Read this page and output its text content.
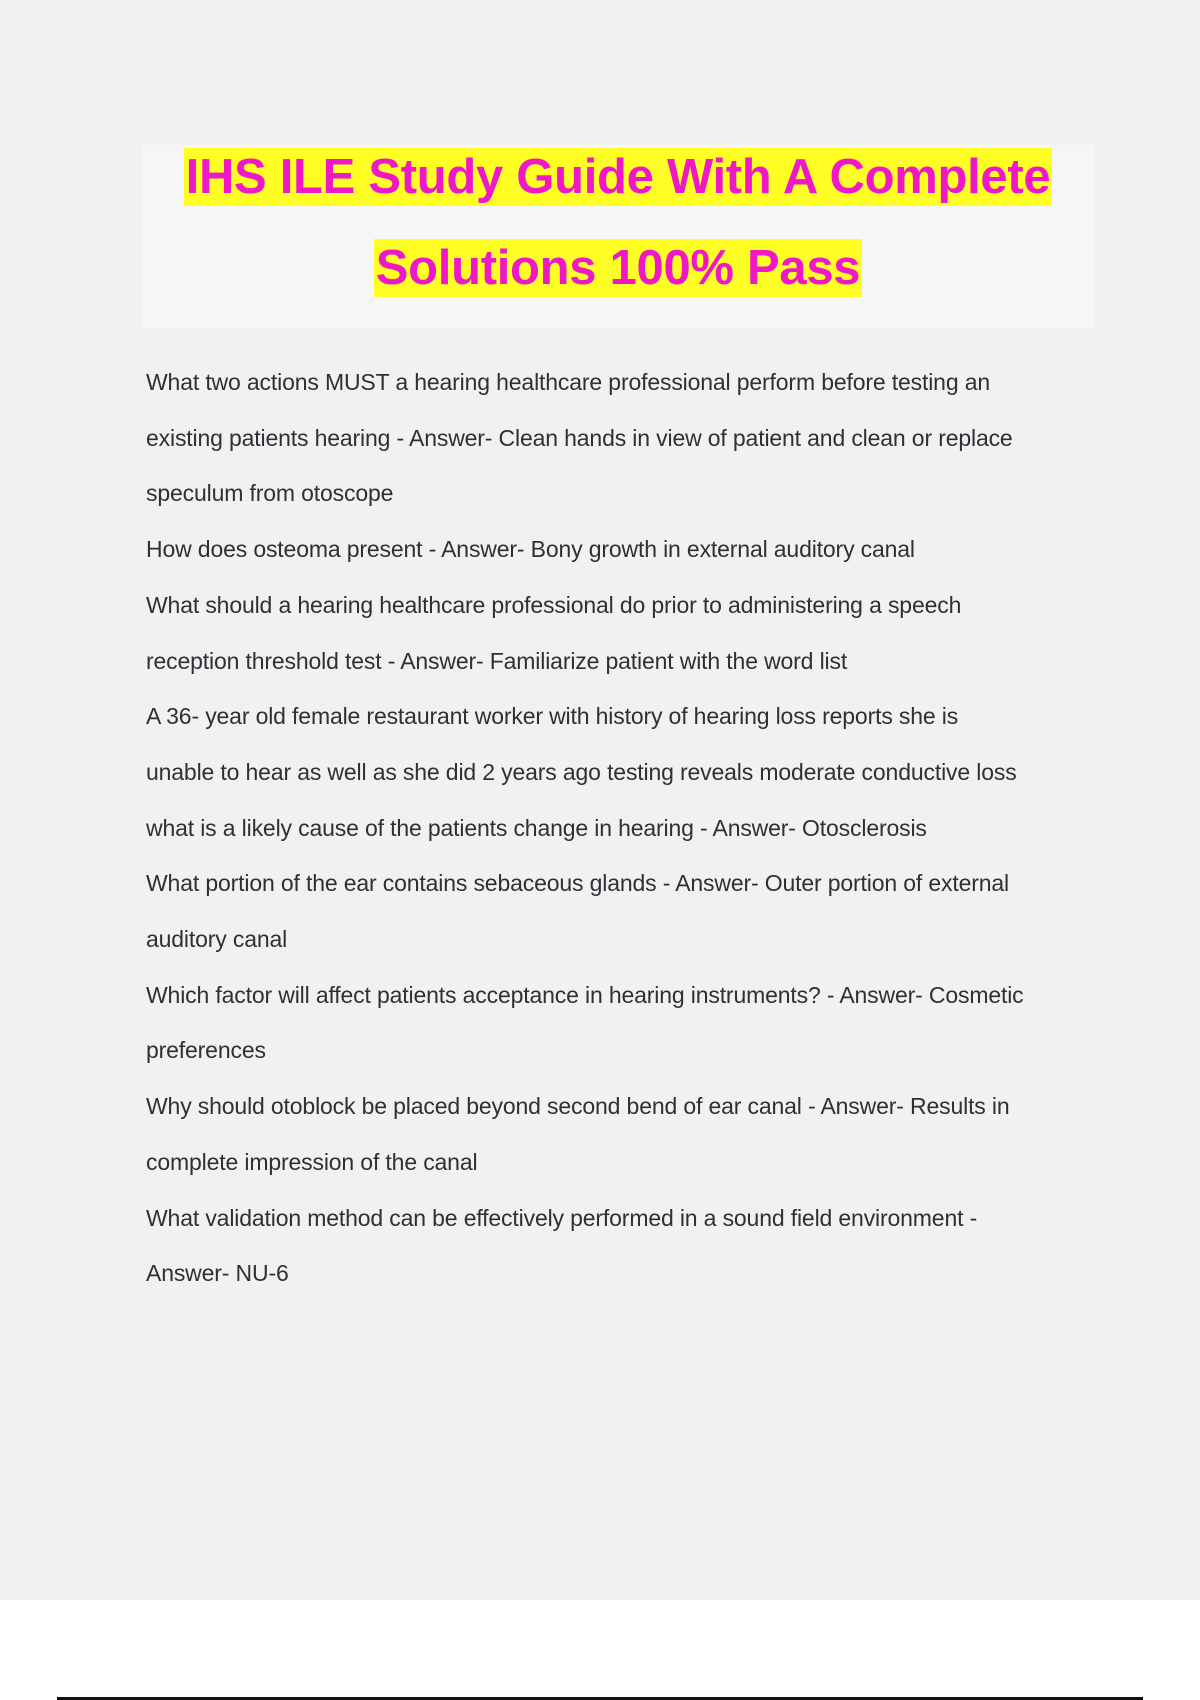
IHS ILE Study Guide With A Complete
Solutions 100% Pass
What two actions MUST a hearing healthcare professional perform before testing an
existing patients hearing - Answer- Clean hands in view of patient and clean or replace
speculum from otoscope
How does osteoma present - Answer- Bony growth in external auditory canal
What should a hearing healthcare professional do prior to administering a speech
reception threshold test - Answer- Familiarize patient with the word list
A 36- year old female restaurant worker with history of hearing loss reports she is
unable to hear as well as she did 2 years ago testing reveals moderate conductive loss
what is a likely cause of the patients change in hearing - Answer- Otosclerosis
What portion of the ear contains sebaceous glands - Answer- Outer portion of external
auditory canal
Which factor will affect patients acceptance in hearing instruments? - Answer- Cosmetic
preferences
Why should otoblock be placed beyond second bend of ear canal - Answer- Results in
complete impression of the canal
What validation method can be effectively performed in a sound field environment -
Answer- NU-6
